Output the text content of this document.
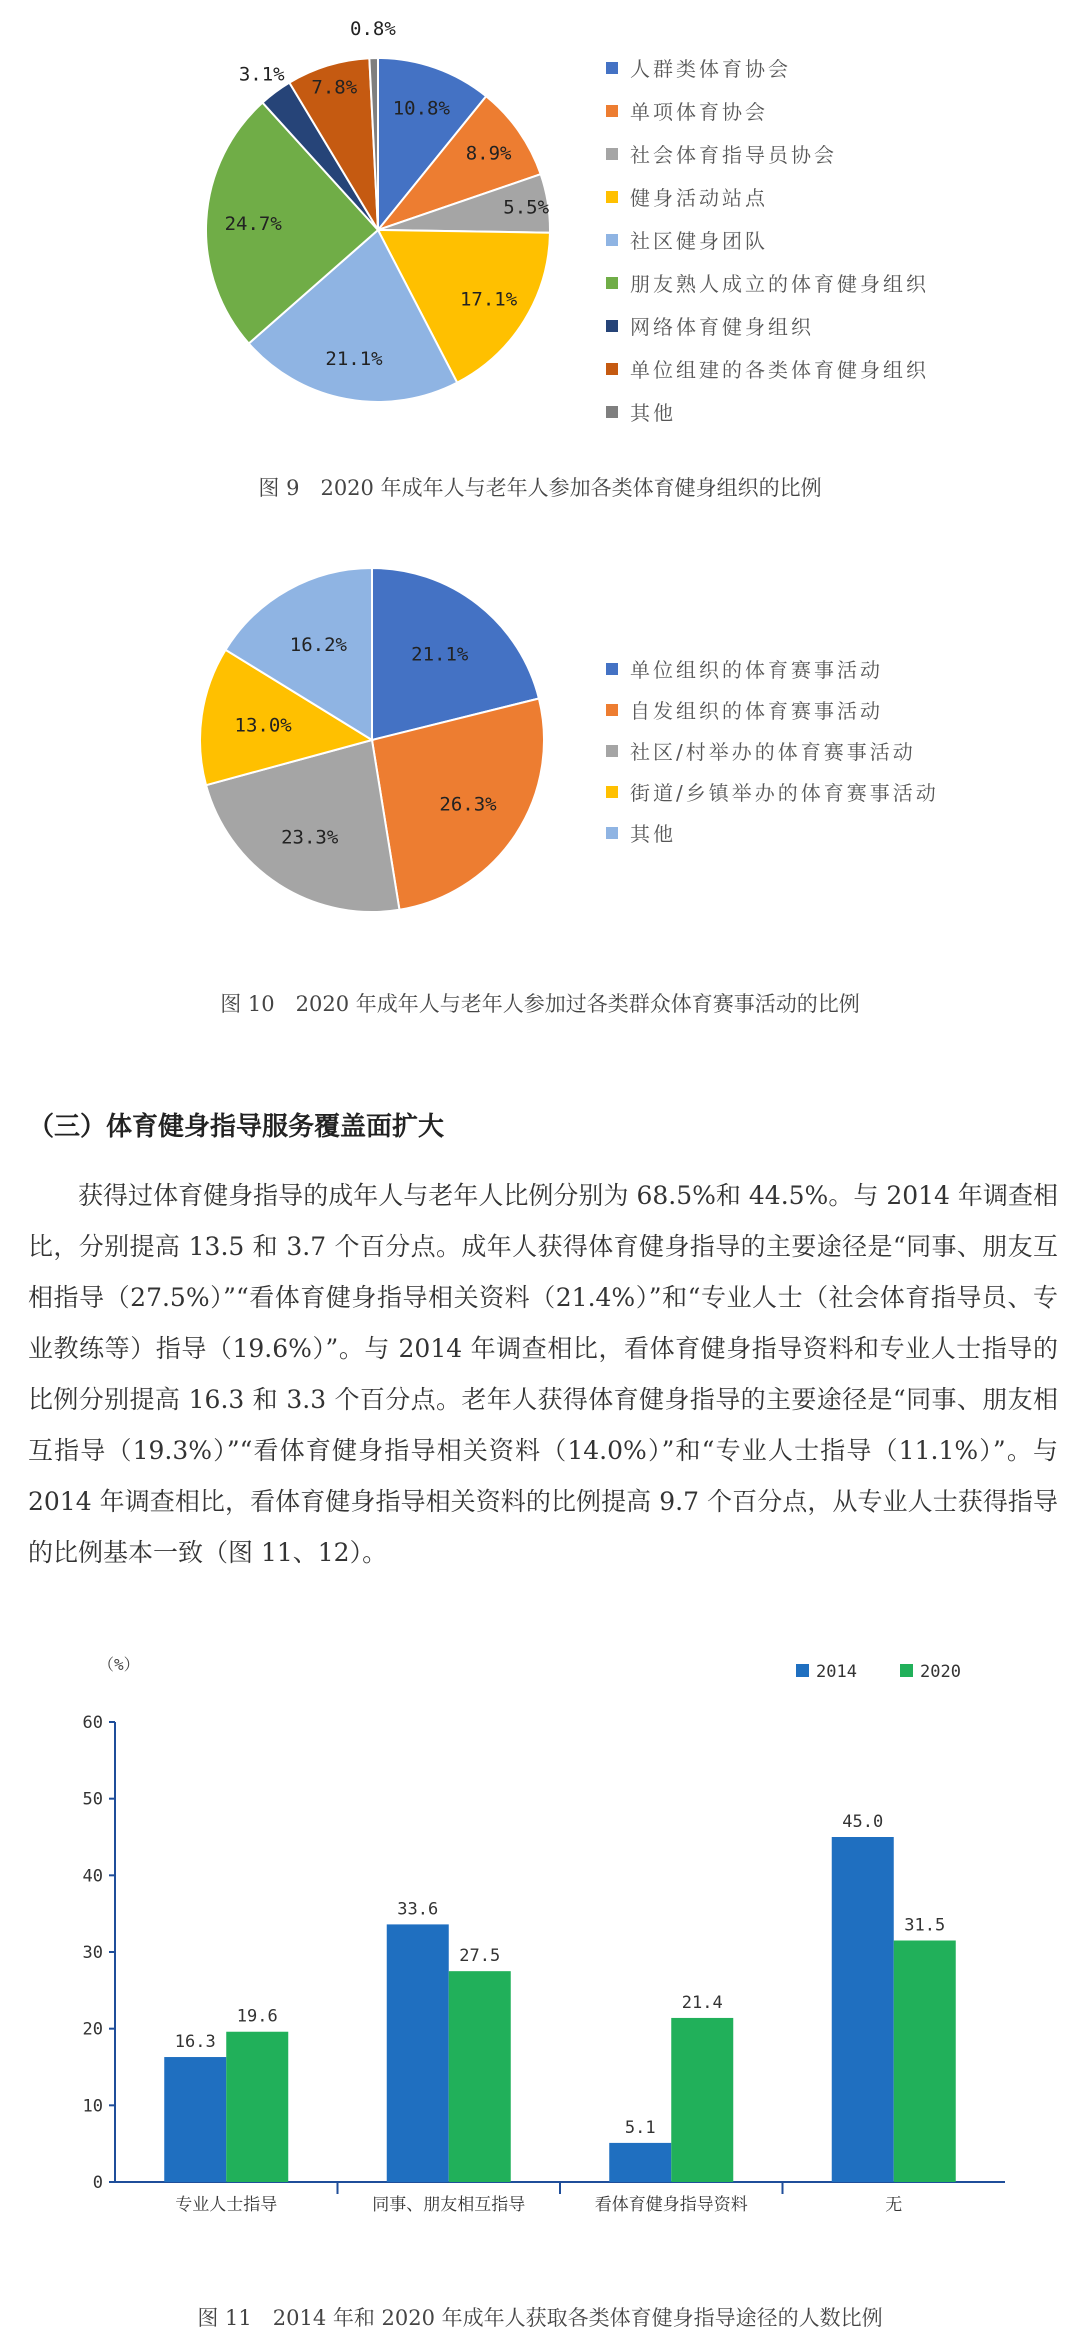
10.8%
8.9%
5.5%
17.1%
21.1%
24.7%
3.1%
7.8%
0.8%
人群类体育协会
单项体育协会
社会体育指导员协会
健身活动站点
社区健身团队
朋友熟人成立的体育健身组织
网络体育健身组织
单位组建的各类体育健身组织
其他
图 9　2020 年成年人与老年人参加各类体育健身组织的比例
21.1%
26.3%
23.3%
13.0%
16.2%
单位组织的体育赛事活动
自发组织的体育赛事活动
社区/村举办的体育赛事活动
街道/乡镇举办的体育赛事活动
其他
图 10　2020 年成年人与老年人参加过各类群众体育赛事活动的比例
（三）体育健身指导服务覆盖面扩大
获得过体育健身指导的成年人与老年人比例分别为 68.5%和 44.5%。与 2014 年调查相比，分别提高 13.5 和 3.7 个百分点。成年人获得体育健身指导的主要途径是“同事、朋友互相指导（27.5%）”“看体育健身指导相关资料（21.4%）”和“专业人士（社会体育指导员、专业教练等）指导（19.6%）”。与 2014 年调查相比，看体育健身指导资料和专业人士指导的比例分别提高 16.3 和 3.3 个百分点。老年人获得体育健身指导的主要途径是“同事、朋友相互指导（19.3%）”“看体育健身指导相关资料（14.0%）”和“专业人士指导（11.1%）”。与 2014 年调查相比，看体育健身指导相关资料的比例提高 9.7 个百分点，从专业人士获得指导的比例基本一致（图 11、12）。
（%）
0
10
20
30
40
50
60
专业人士指导
16.3
19.6
同事、朋友相互指导
33.6
27.5
看体育健身指导资料
5.1
21.4
无
45.0
31.5
2014	2020
图 11　2014 年和 2020 年成年人获取各类体育健身指导途径的人数比例
